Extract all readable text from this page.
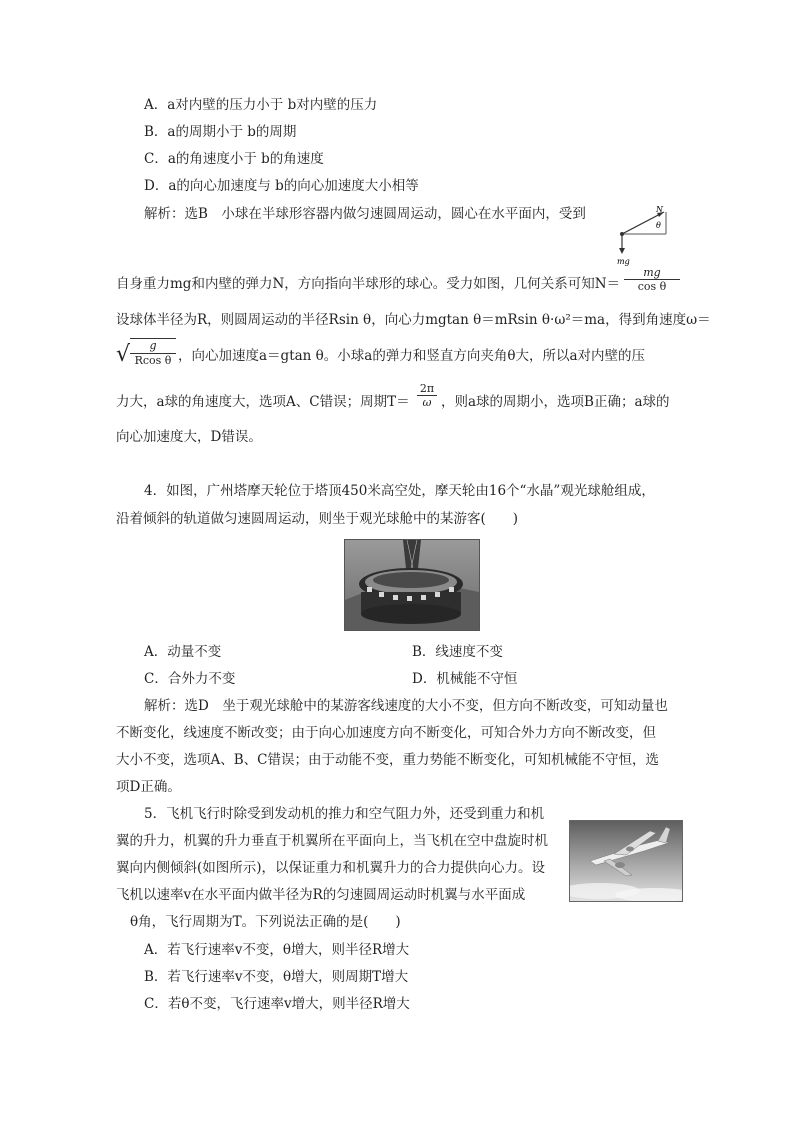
A．a对内壁的压力小于 b对内壁的压力
B．a的周期小于 b的周期
C．a的角速度小于 b的角速度
D．a的向心加速度与 b的向心加速度大小相等
解析：选B　小球在半球形容器内做匀速圆周运动，圆心在水平面内，受到	N
θ
mg
自身重力mg和内壁的弹力N，方向指向半球形的球心。受力如图，几何关系可知$N= \frac{mg}{\text{cos θ}}$
设球体半径为R，则圆周运动的半径Rsin θ，向心力mgtan θ＝mRsin θ·ω²＝ma，得到角速度ω＝
√ $\frac{g}{\text{Rcos θ}}$ ，向心加速度a＝gtan θ。小球a的弹力和竖直方向夹角θ大，所以a对内壁的压
力大，a球的角速度大，选项A、C错误；周期$T= \frac{2\pi}{\omega}$ ，则a球的周期小，选项B正确；a球的
向心加速度大，D错误。
4．如图，广州塔摩天轮位于塔顶450米高空处，摩天轮由16个“水晶”观光球舱组成，
沿着倾斜的轨道做匀速圆周运动，则坐于观光球舱中的某游客(　　)
A．动量不变	B．线速度不变
C．合外力不变	D．机械能不守恒
解析：选D　坐于观光球舱中的某游客线速度的大小不变，但方向不断改变，可知动量也
不断变化，线速度不断改变；由于向心加速度方向不断变化，可知合外力方向不断改变，但
大小不变，选项A、B、C错误；由于动能不变，重力势能不断变化，可知机械能不守恒，选
项D正确。
5．飞机飞行时除受到发动机的推力和空气阻力外，还受到重力和机
翼的升力，机翼的升力垂直于机翼所在平面向上，当飞机在空中盘旋时机
翼向内侧倾斜(如图所示)，以保证重力和机翼升力的合力提供向心力。设
飞机以速率v在水平面内做半径为R的匀速圆周运动时机翼与水平面成
θ角，飞行周期为T。下列说法正确的是(　　)
A．若飞行速率v不变，θ增大，则半径R增大
B．若飞行速率v不变，θ增大，则周期T增大
C．若θ不变，飞行速率v增大，则半径R增大
